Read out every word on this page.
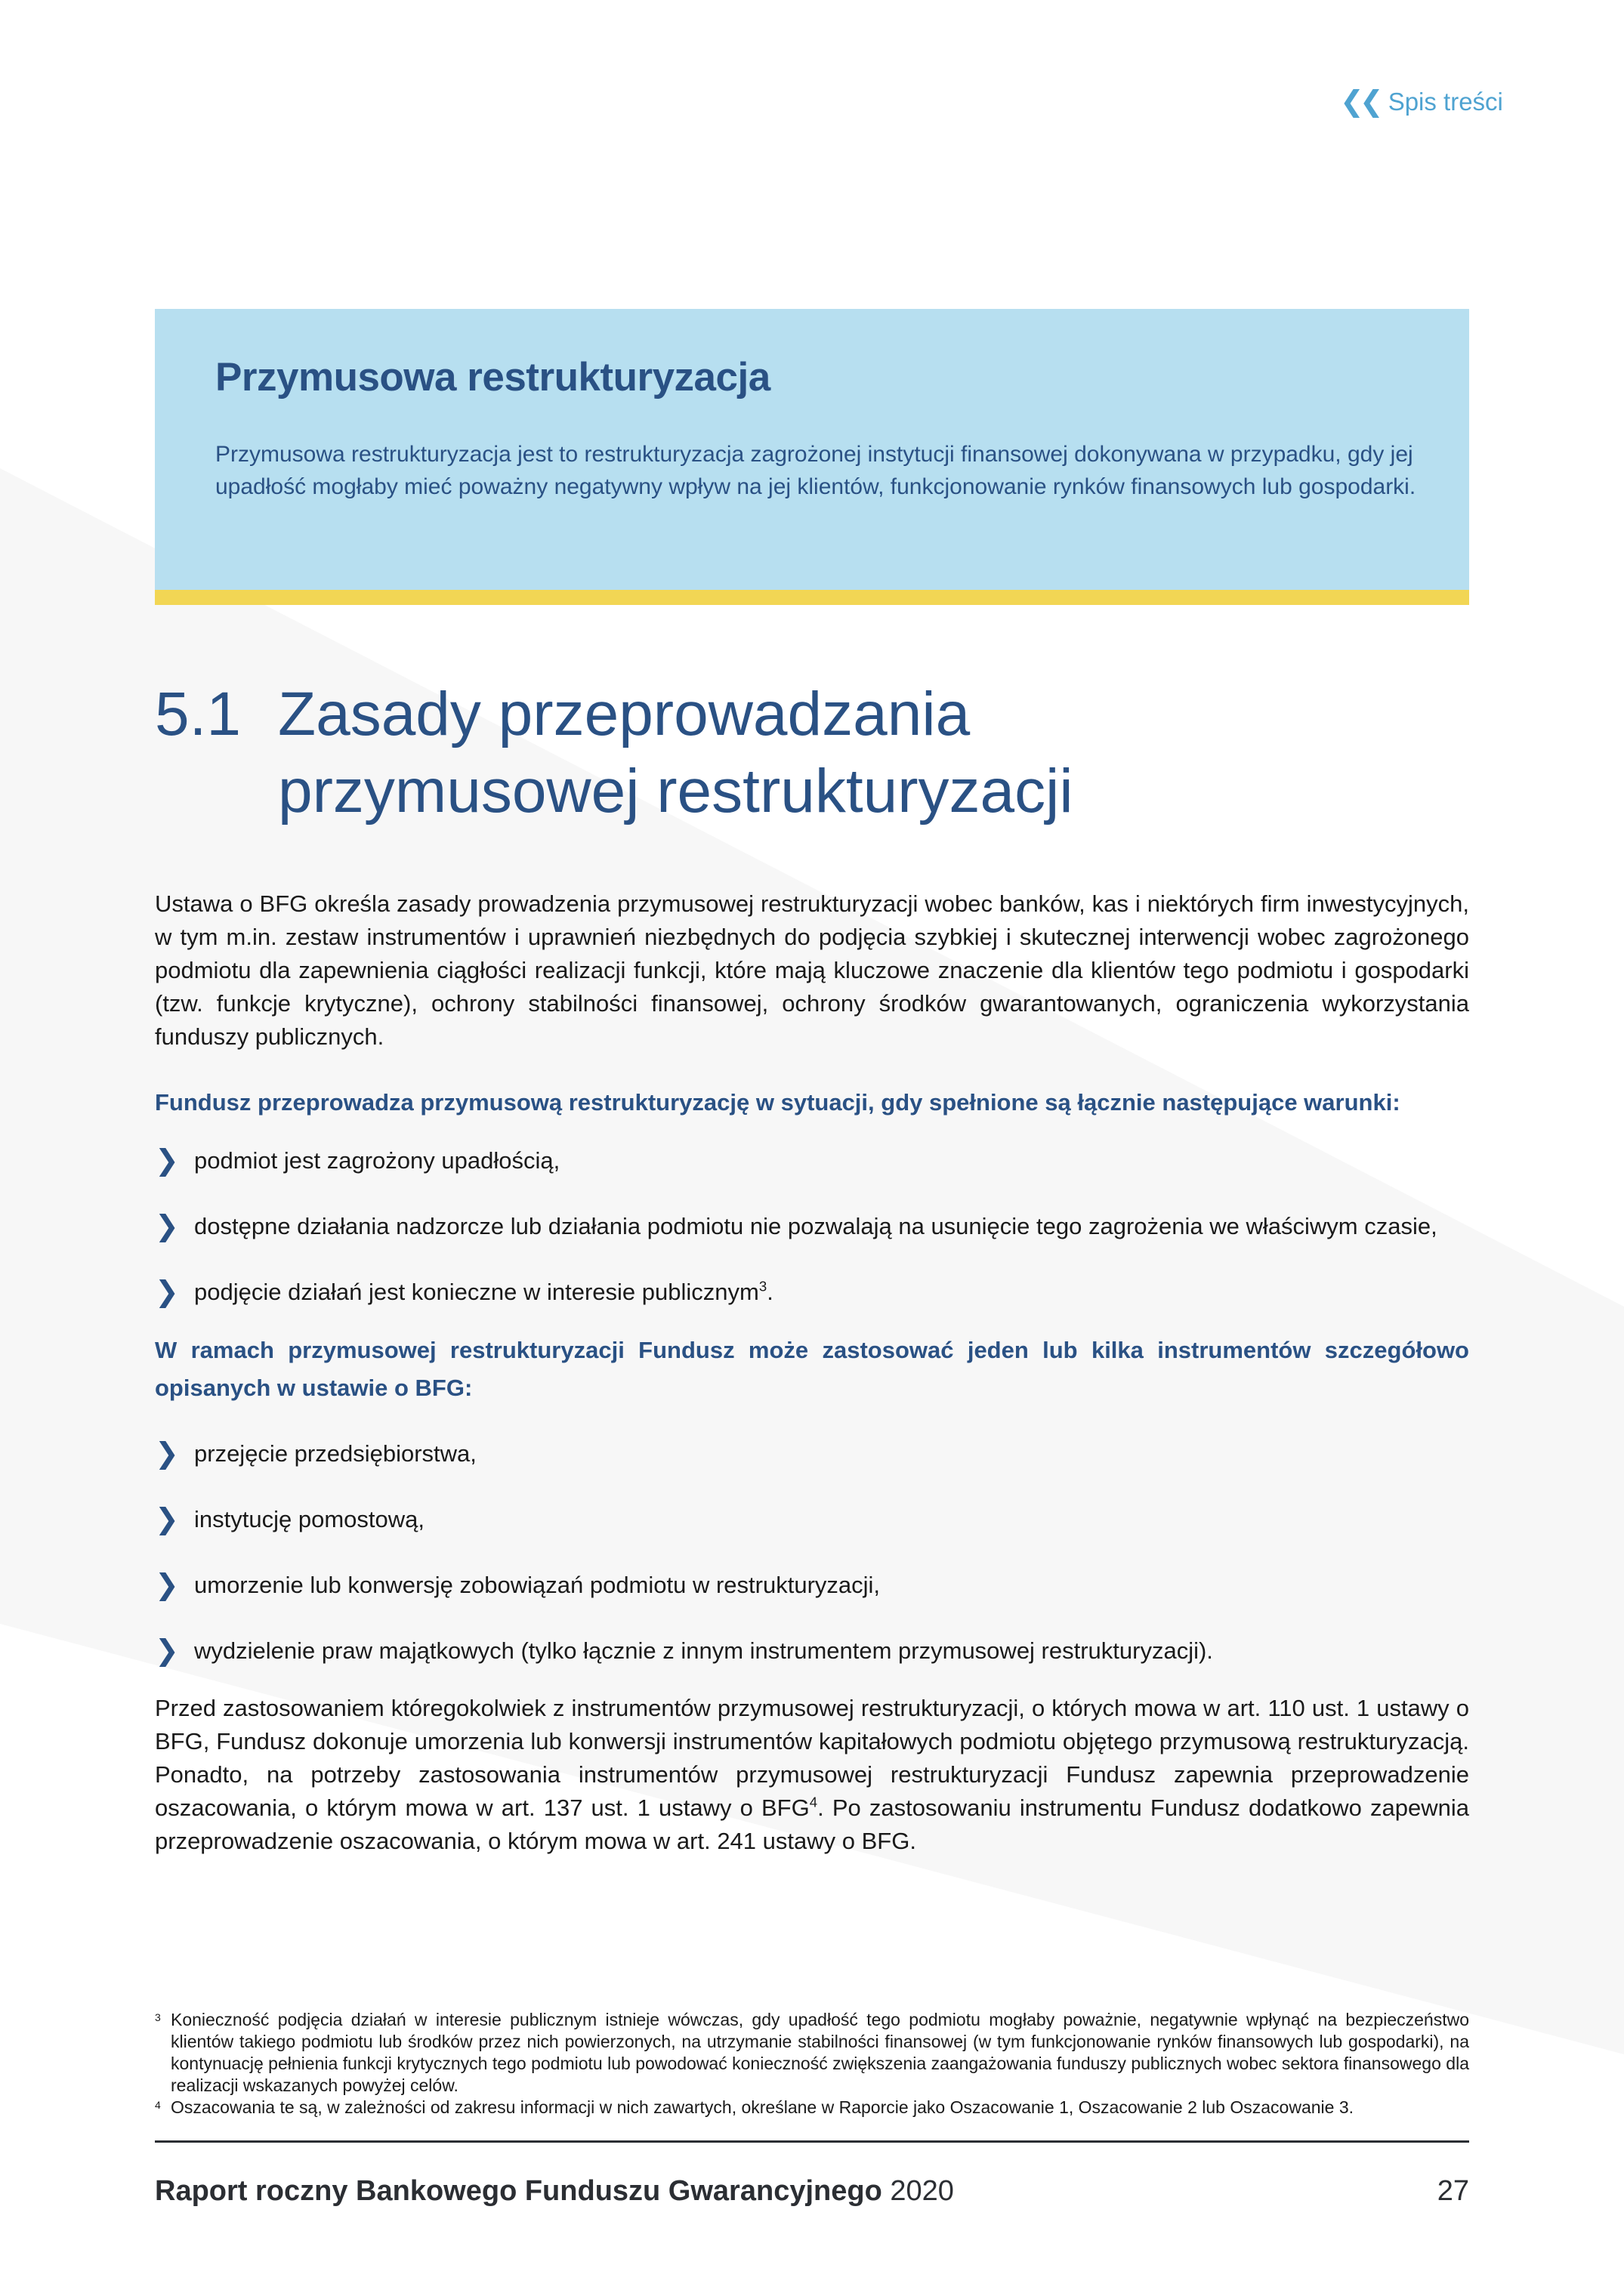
❮❮ Spis treści
Przymusowa restrukturyzacja

Przymusowa restrukturyzacja jest to restrukturyzacja zagrożonej instytucji finansowej dokonywana w przypadku, gdy jej upadłość mogłaby mieć poważny negatywny wpływ na jej klientów, funkcjonowanie rynków finansowych lub gospodarki.

5.1 Zasady przeprowadzania
przymusowej restrukturyzacji

Ustawa o BFG określa zasady prowadzenia przymusowej restrukturyzacji wobec banków, kas i niektórych firm inwestycyjnych, w tym m.in. zestaw instrumentów i uprawnień niezbędnych do podjęcia szybkiej i skutecznej interwencji wobec zagrożonego podmiotu dla zapewnienia ciągłości realizacji funkcji, które mają kluczowe znaczenie dla klientów tego podmiotu i gospodarki (tzw. funkcje krytyczne), ochrony stabilności finansowej, ochrony środków gwarantowanych, ograniczenia wykorzystania funduszy publicznych.

Fundusz przeprowadza przymusową restrukturyzację w sytuacji, gdy spełnione są łącznie następujące warunki:

❯ podmiot jest zagrożony upadłością,
❯ dostępne działania nadzorcze lub działania podmiotu nie pozwalają na usunięcie tego zagrożenia we właściwym czasie,
❯ podjęcie działań jest konieczne w interesie publicznym$^3$.

W ramach przymusowej restrukturyzacji Fundusz może zastosować jeden lub kilka instrumentów szczegółowo opisanych w ustawie o BFG:

❯ przejęcie przedsiębiorstwa,
❯ instytucję pomostową,
❯ umorzenie lub konwersję zobowiązań podmiotu w restrukturyzacji,
❯ wydzielenie praw majątkowych (tylko łącznie z innym instrumentem przymusowej restrukturyzacji).

Przed zastosowaniem któregokolwiek z instrumentów przymusowej restrukturyzacji, o których mowa w art. 110 ust. 1 ustawy o BFG, Fundusz dokonuje umorzenia lub konwersji instrumentów kapitałowych podmiotu objętego przymusową restrukturyzacją. Ponadto, na potrzeby zastosowania instrumentów przymusowej restrukturyzacji Fundusz zapewnia przeprowadzenie oszacowania, o którym mowa w art. 137 ust. 1 ustawy o BFG$^4$. Po zastosowaniu instrumentu Fundusz dodatkowo zapewnia przeprowadzenie oszacowania, o którym mowa w art. 241 ustawy o BFG.

3 Konieczność podjęcia działań w interesie publicznym istnieje wówczas, gdy upadłość tego podmiotu mogłaby poważnie, negatywnie wpłynąć na bezpieczeństwo klientów takiego podmiotu lub środków przez nich powierzonych, na utrzymanie stabilności finansowej (w tym funkcjonowanie rynków finansowych lub gospodarki), na kontynuację pełnienia funkcji krytycznych tego podmiotu lub powodować konieczność zwiększenia zaangażowania funduszy publicznych wobec sektora finansowego dla realizacji wskazanych powyżej celów.
4 Oszacowania te są, w zależności od zakresu informacji w nich zawartych, określane w Raporcie jako Oszacowanie 1, Oszacowanie 2 lub Oszacowanie 3.
Raport roczny Bankowego Funduszu Gwarancyjnego 2020	27
